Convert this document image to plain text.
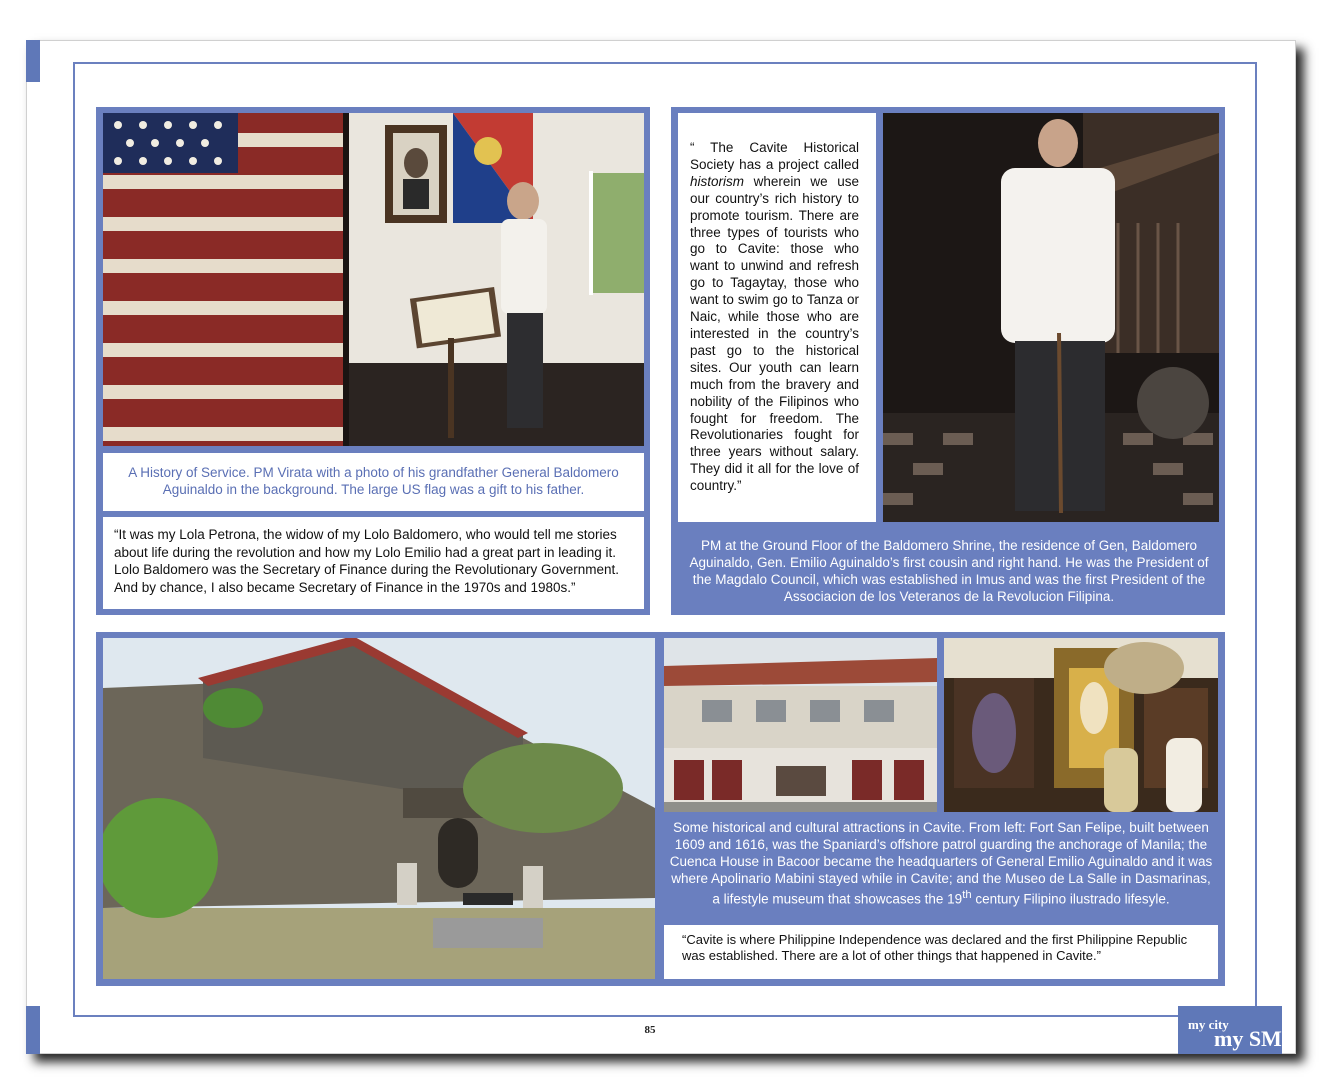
A History of Service. PM Virata with a photo of his grandfather General Baldomero Aguinaldo in the background. The large US flag was a gift to his father.
“It was my Lola Petrona, the widow of my Lolo Baldomero, who would tell me stories about life during the revolution and how my Lolo Emilio had a great part in leading it. Lolo Baldomero was the Secretary of Finance during the Revolutionary Government. And by chance, I also became Secretary of Finance in the 1970s and 1980s.”
“ The Cavite Historical Society has a project called historism wherein we use our country’s rich history to promote tourism. There are three types of tourists who go to Cavite: those who want to unwind and refresh go to Tagaytay, those who want to swim go to Tanza or Naic, while those who are interested in the country’s past go to the historical sites. Our youth can learn much from the bravery and nobility of the Filipinos who fought for freedom. The Revolutionaries fought for three years without salary. They did it all for the love of country.”
PM at the Ground Floor of the Baldomero Shrine, the residence of Gen, Baldomero Aguinaldo, Gen. Emilio Aguinaldo’s first cousin and right hand. He was the President of the Magdalo Council, which was established in Imus and was the first President of the Associacion de los Veteranos de la Revolucion Filipina.
Some historical and cultural attractions in Cavite. From left: Fort San Felipe, built between 1609 and 1616, was the Spaniard’s offshore patrol guarding the anchorage of Manila; the Cuenca House in Bacoor became the headquarters of General Emilio Aguinaldo and it was where Apolinario Mabini stayed while in Cavite; and the Museo de La Salle in Dasmarinas, a lifestyle museum that showcases the 19th century Filipino ilustrado lifesyle.
“Cavite is where Philippine Independence was declared and the first Philippine Republic was established. There are a lot of other things that happened in Cavite.”
85	my city
my SM
